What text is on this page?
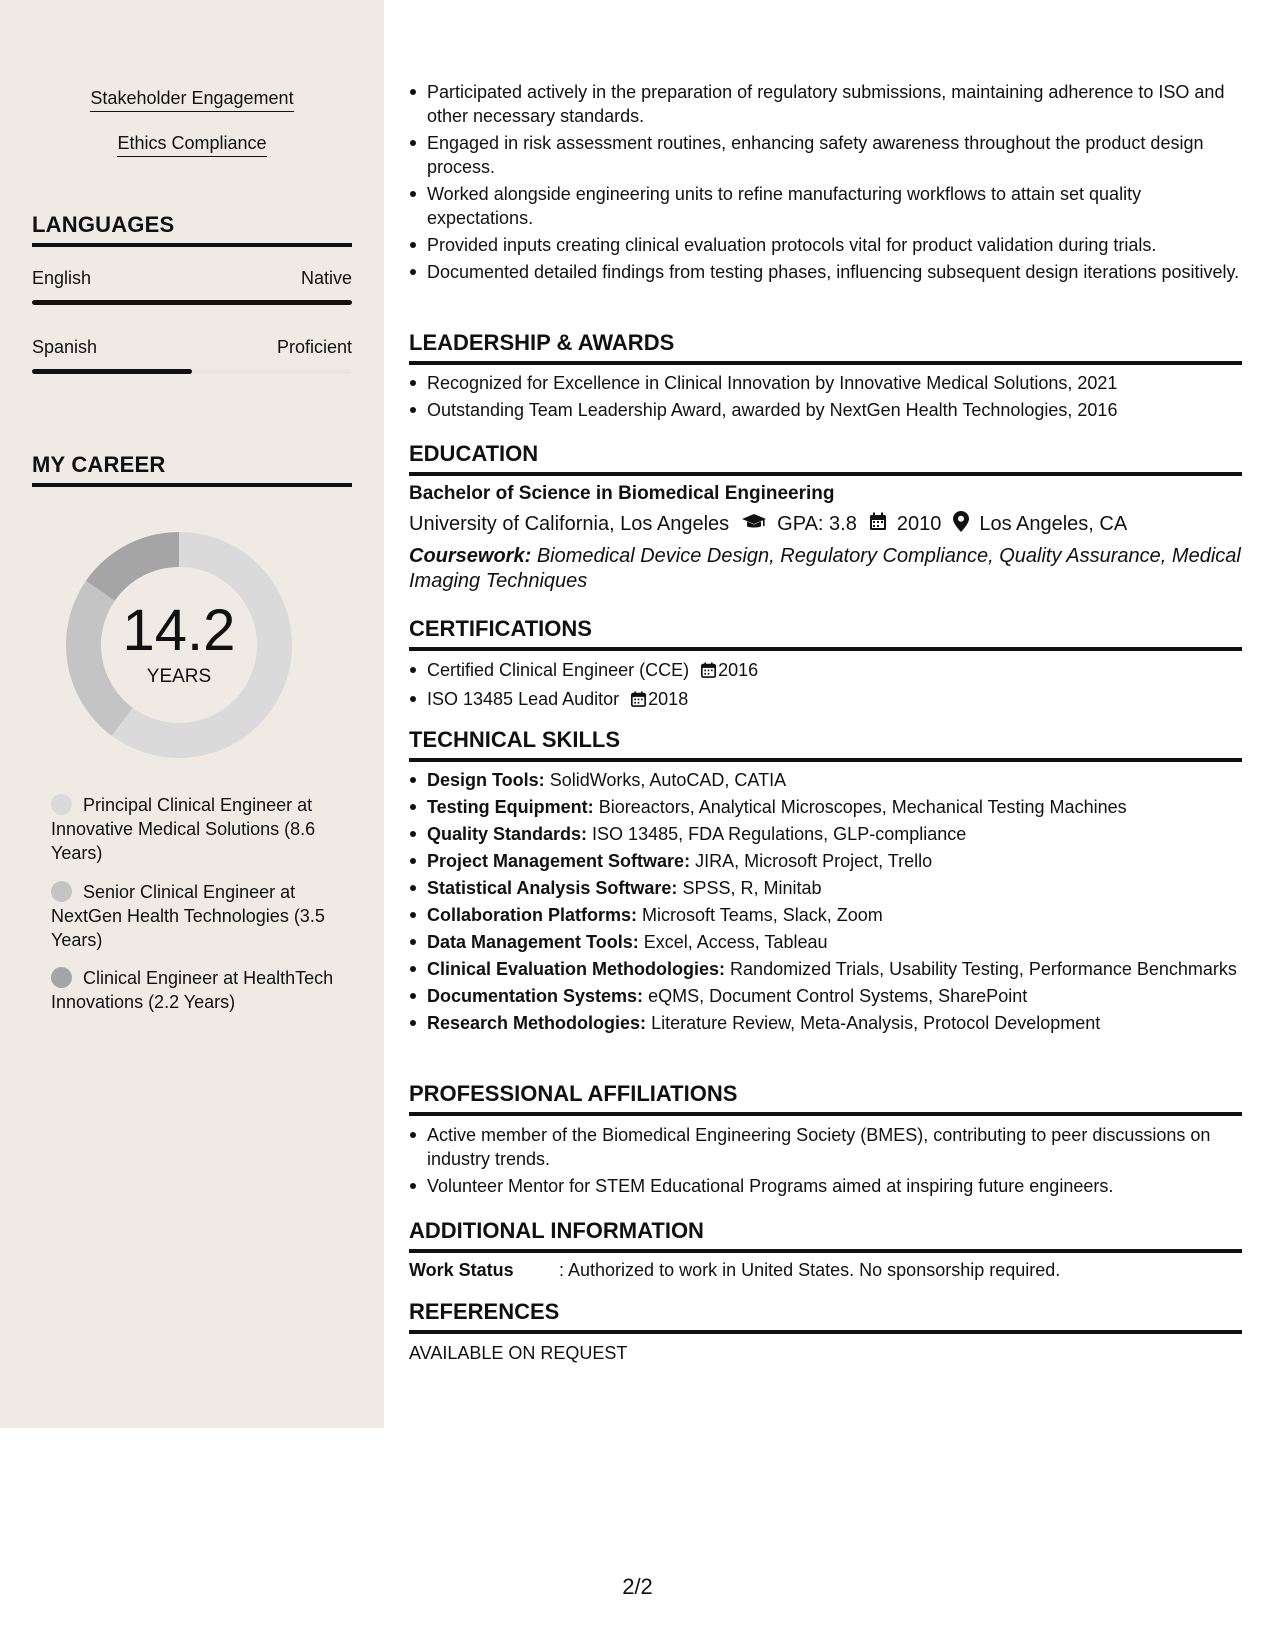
Stakeholder Engagement
Ethics Compliance
LANGUAGES
English	Native
Spanish	Proficient
MY CAREER
14.2
YEARS
Principal Clinical Engineer at Innovative Medical Solutions (8.6 Years)
Senior Clinical Engineer at NextGen Health Technologies (3.5 Years)
Clinical Engineer at HealthTech Innovations (2.2 Years)
Participated actively in the preparation of regulatory submissions, maintaining adherence to ISO and other necessary standards.
Engaged in risk assessment routines, enhancing safety awareness throughout the product design process.
Worked alongside engineering units to refine manufacturing workflows to attain set quality expectations.
Provided inputs creating clinical evaluation protocols vital for product validation during trials.
Documented detailed findings from testing phases, influencing subsequent design iterations positively.
LEADERSHIP & AWARDS
Recognized for Excellence in Clinical Innovation by Innovative Medical Solutions, 2021
Outstanding Team Leadership Award, awarded by NextGen Health Technologies, 2016
EDUCATION
Bachelor of Science in Biomedical Engineering
University of California, Los Angeles GPA: 3.8 2010 Los Angeles, CA
Coursework: Biomedical Device Design, Regulatory Compliance, Quality Assurance, Medical Imaging Techniques
CERTIFICATIONS
Certified Clinical Engineer (CCE) 2016
ISO 13485 Lead Auditor 2018
TECHNICAL SKILLS
Design Tools: SolidWorks, AutoCAD, CATIA
Testing Equipment: Bioreactors, Analytical Microscopes, Mechanical Testing Machines
Quality Standards: ISO 13485, FDA Regulations, GLP-compliance
Project Management Software: JIRA, Microsoft Project, Trello
Statistical Analysis Software: SPSS, R, Minitab
Collaboration Platforms: Microsoft Teams, Slack, Zoom
Data Management Tools: Excel, Access, Tableau
Clinical Evaluation Methodologies: Randomized Trials, Usability Testing, Performance Benchmarks
Documentation Systems: eQMS, Document Control Systems, SharePoint
Research Methodologies: Literature Review, Meta-Analysis, Protocol Development
PROFESSIONAL AFFILIATIONS
Active member of the Biomedical Engineering Society (BMES), contributing to peer discussions on industry trends.
Volunteer Mentor for STEM Educational Programs aimed at inspiring future engineers.
ADDITIONAL INFORMATION
Work Status	: Authorized to work in United States. No sponsorship required.
REFERENCES
AVAILABLE ON REQUEST
2/2
